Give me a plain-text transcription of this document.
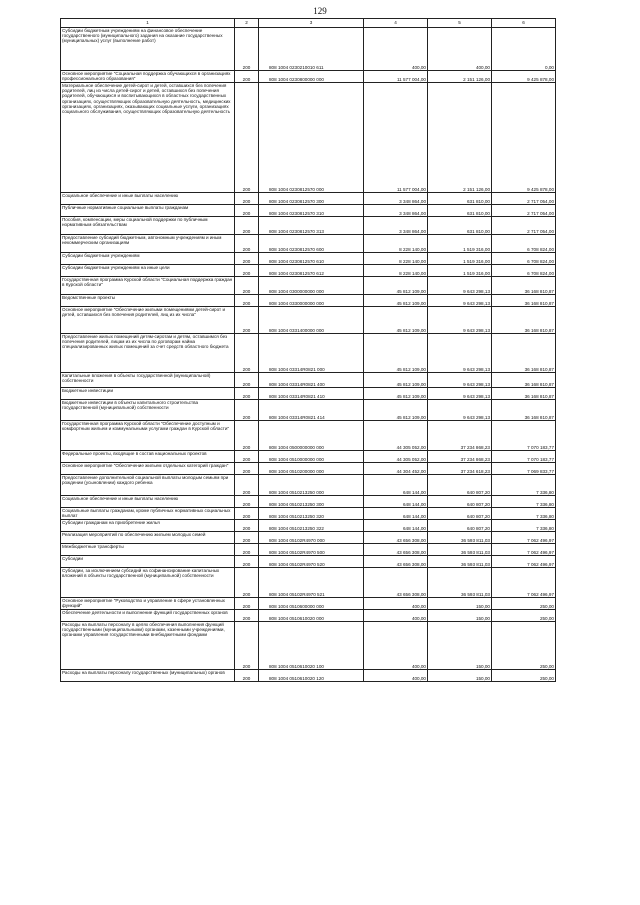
129
1	2	3	4	5	6
Субсидии бюджетным учреждениям на финансовое обеспечение государственного (муниципального) задания на оказание государственных (муниципальных) услуг (выполнение работ)	200	808 1004 0230210010 611	400,00	400,00	0,00
Основное мероприятие "Социальная поддержка обучающихся в организациях профессионального образования"	200	808 1004 0230800000 000	11 577 004,00	2 151 126,00	9 425 878,00
Материальное обеспечение детей-сирот и детей, оставшихся без попечения родителей, лиц из числа детей-сирот и детей, оставшихся без попечения родителей, обучающихся и воспитывающихся в областных государственных организациях, осуществляющих образовательную деятельность, медицинских организациях, организациях, оказывающих социальные услуги, организациях социального обслуживания, осуществляющих образовательную деятельность	200	808 1004 0230812570 000	11 577 004,00	2 151 126,00	9 425 878,00
Социальное обеспечение и иные выплаты населению	200	808 1004 0230812570 300	3 348 864,00	631 810,00	2 717 054,00
Публичные нормативные социальные выплаты гражданам	200	808 1004 0230812570 310	3 348 864,00	631 810,00	2 717 054,00
Пособия, компенсации, меры социальной поддержки по публичным нормативным обязательствам	200	808 1004 0230812570 313	3 348 864,00	631 810,00	2 717 054,00
Предоставление субсидий бюджетным, автономным учреждениям и иным некоммерческим организациям	200	808 1004 0230812570 600	8 228 140,00	1 519 316,00	6 708 824,00
Субсидии бюджетным учреждениям	200	808 1004 0230812570 610	8 228 140,00	1 519 316,00	6 708 824,00
Субсидии бюджетным учреждениям на иные цели	200	808 1004 0230812570 612	8 228 140,00	1 519 316,00	6 708 824,00
Государственная программа Курской области "Социальная поддержка граждан в Курской области"	200	808 1004 0300000000 000	45 812 109,00	9 643 298,13	36 168 810,87
Ведомственные проекты	200	808 1004 0330000000 000	45 812 109,00	9 643 298,13	36 168 810,87
Основное мероприятие "Обеспечение жилыми помещениями детей-сирот и детей, оставшихся без попечения родителей, лиц из их числа"	200	808 1004 0331400000 000	45 812 109,00	9 643 298,13	36 168 810,87
Предоставление жилых помещений детям-сиротам и детям, оставшимся без попечения родителей, лицам из их числа по договорам найма специализированных жилых помещений за счет средств областного бюджета	200	808 1004 03314R0821 000	45 812 109,00	9 643 298,13	36 168 810,87
Капитальные вложения в объекты государственной (муниципальной) собственности	200	808 1004 03314R0821 400	45 812 109,00	9 643 298,13	36 168 810,87
Бюджетные инвестиции	200	808 1004 03314R0821 410	45 812 109,00	9 643 298,13	36 168 810,87
Бюджетные инвестиции в объекты капитального строительства государственной (муниципальной) собственности	200	808 1004 03314R0821 414	45 812 109,00	9 643 298,13	36 168 810,87
Государственная программа Курской области "Обеспечение доступным и комфортным жильем и коммунальными услугами граждан в Курской области"	200	808 1004 0500000000 000	44 305 052,00	37 234 868,23	7 070 183,77
Федеральные проекты, входящие в состав национальных проектов	200	808 1004 0510000000 000	44 305 052,00	37 234 868,23	7 070 183,77
Основное мероприятие "Обеспечение жильем отдельных категорий граждан"	200	808 1004 0510200000 000	44 304 452,00	37 234 618,23	7 069 833,77
Предоставление дополнительной социальной выплаты молодым семьям при рождении (усыновлении) каждого ребенка	200	808 1004 0510213250 000	648 144,00	640 807,20	7 336,80
Социальное обеспечение и иные выплаты населению	200	808 1004 0510213250 300	648 144,00	640 807,20	7 336,80
Социальные выплаты гражданам, кроме публичных нормативных социальных выплат	200	808 1004 0510213250 320	648 144,00	640 807,20	7 336,80
Субсидии гражданам на приобретение жилья	200	808 1004 0510213250 322	648 144,00	640 807,20	7 336,80
Реализация мероприятий по обеспечению жильем молодых семей	200	808 1004 05102R4970 000	43 656 308,00	36 593 811,03	7 062 496,97
Межбюджетные трансферты	200	808 1004 05102R4970 500	43 656 308,00	36 593 811,03	7 062 496,97
Субсидии	200	808 1004 05102R4970 520	43 656 308,00	36 593 811,03	7 062 496,97
Субсидии, за исключением субсидий на софинансирование капитальных вложений в объекты государственной (муниципальной) собственности	200	808 1004 05102R4970 521	43 656 308,00	36 593 811,03	7 062 496,97
Основное мероприятие "Руководство и управление в сфере установленных функций"	200	808 1004 0510600000 000	400,00	150,00	250,00
Обеспечение деятельности и выполнение функций государственных органов	200	808 1004 0510610020 000	400,00	150,00	250,00
Расходы на выплаты персоналу в целях обеспечения выполнения функций государственными (муниципальными) органами, казенными учреждениями, органами управления государственными внебюджетными фондами	200	808 1004 0510610020 100	400,00	150,00	250,00
Расходы на выплаты персоналу государственных (муниципальных) органов	200	808 1004 0510610020 120	400,00	150,00	250,00
